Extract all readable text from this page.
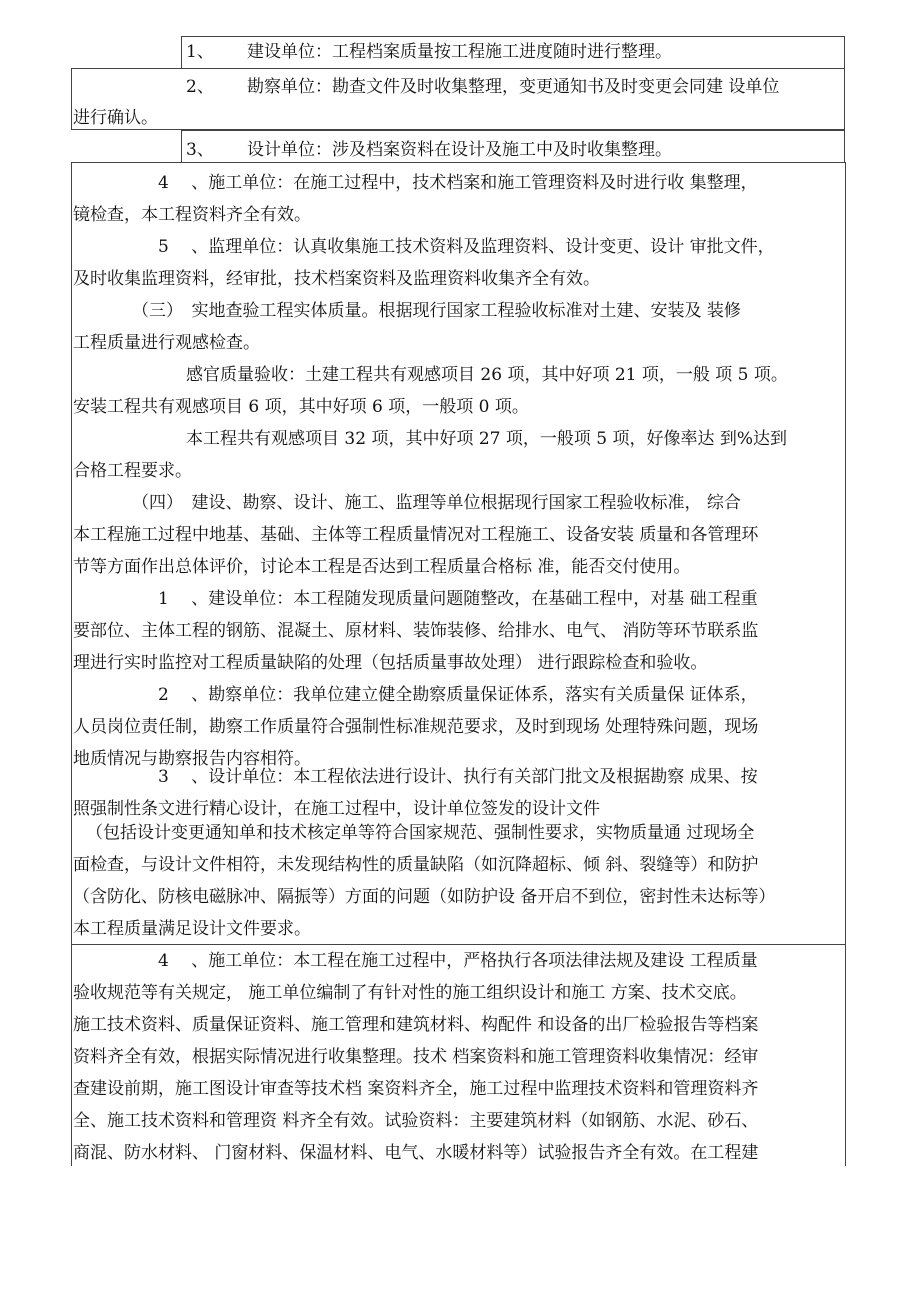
1、 建设单位：工程档案质量按工程施工进度随时进行整理。
2、 勘察单位：勘查文件及时收集整理，变更通知书及时变更会同建 设单位
进行确认。
3、 设计单位：涉及档案资料在设计及施工中及时收集整理。
4　 、施工单位：在施工过程中，技术档案和施工管理资料及时进行收 集整理，
镜检查，本工程资料齐全有效。
5　 、监理单位：认真收集施工技术资料及监理资料、设计变更、设计 审批文件，
及时收集监理资料，经审批，技术档案资料及监理资料收集齐全有效。
（三）　实地查验工程实体质量。根据现行国家工程验收标准对土建、安装及 装修
工程质量进行观感检查。
感官质量验收：土建工程共有观感项目 26 项，其中好项 21 项，一般 项 5 项。
安装工程共有观感项目 6 项，其中好项 6 项，一般项 0 项。
本工程共有观感项目 32 项，其中好项 27 项，一般项 5 项，好像率达 到%达到
合格工程要求。
（四）　建设、勘察、设计、施工、监理等单位根据现行国家工程验收标准， 综合
本工程施工过程中地基、基础、主体等工程质量情况对工程施工、设备安装 质量和各管理环
节等方面作出总体评价，讨论本工程是否达到工程质量合格标 准，能否交付使用。
1　 、建设单位：本工程随发现质量问题随整改，在基础工程中，对基 础工程重
要部位、主体工程的钢筋、混凝土、原材料、装饰装修、给排水、电气、 消防等环节联系监
理进行实时监控对工程质量缺陷的处理（包括质量事故处理） 进行跟踪检查和验收。
2　 、勘察单位：我单位建立健全勘察质量保证体系，落实有关质量保 证体系，
人员岗位责任制，勘察工作质量符合强制性标准规范要求，及时到现场 处理特殊问题，现场
地质情况与勘察报告内容相符。
3　 、设计单位：本工程依法进行设计、执行有关部门批文及根据勘察 成果、按
照强制性条文进行精心设计，在施工过程中，设计单位签发的设计文件
（包括设计变更通知单和技术核定单等符合国家规范、强制性要求，实物质量通 过现场全
面检查，与设计文件相符，未发现结构性的质量缺陷（如沉降超标、倾 斜、裂缝等）和防护
（含防化、防核电磁脉冲、隔振等）方面的问题（如防护设 备开启不到位，密封性未达标等）
本工程质量满足设计文件要求。
4　 、施工单位：本工程在施工过程中，严格执行各项法律法规及建设 工程质量
验收规范等有关规定， 施工单位编制了有针对性的施工组织设计和施工 方案、技术交底。
施工技术资料、质量保证资料、施工管理和建筑材料、构配件 和设备的出厂检验报告等档案
资料齐全有效，根据实际情况进行收集整理。技术 档案资料和施工管理资料收集情况：经审
查建设前期，施工图设计审查等技术档 案资料齐全，施工过程中监理技术资料和管理资料齐
全、施工技术资料和管理资 料齐全有效。试验资料：主要建筑材料（如钢筋、水泥、砂石、
商混、防水材料、 门窗材料、保温材料、电气、水暖材料等）试验报告齐全有效。在工程建
